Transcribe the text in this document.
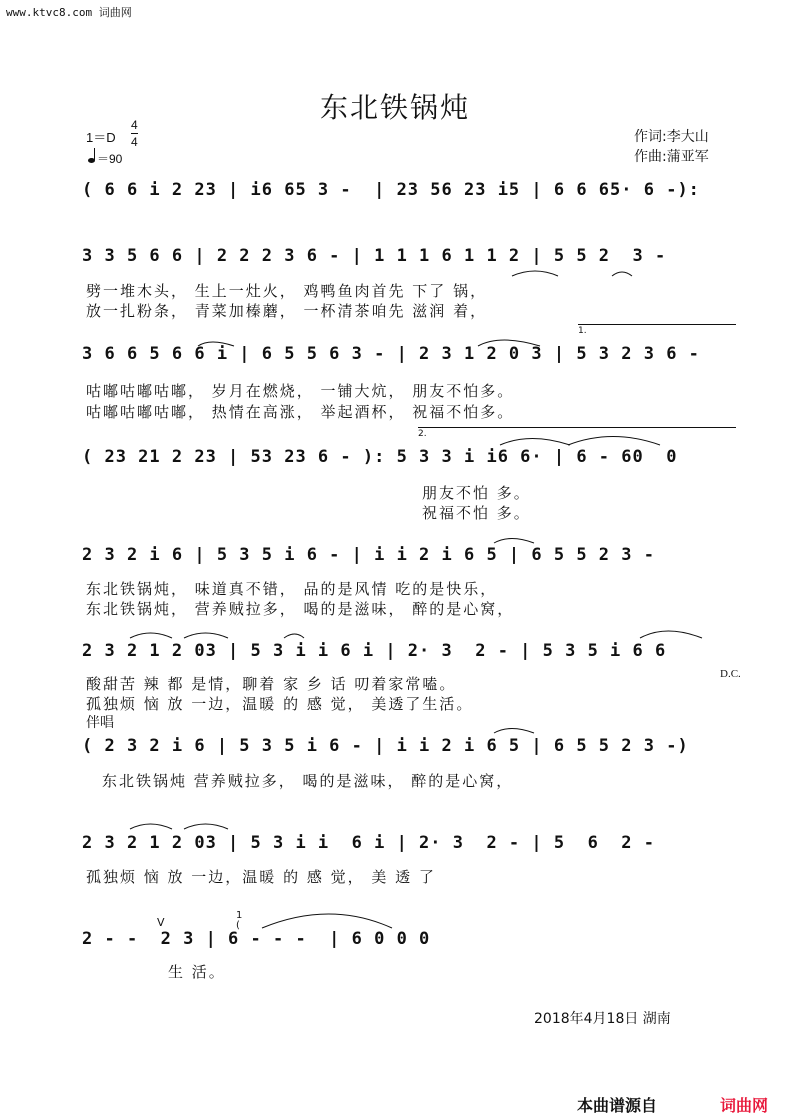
www.ktvc8.com 词曲网
东北铁锅炖
1＝D
4
4
＝90
作词:李大山
作曲:蒲亚军
( 6 6 i 2 23 | i6 65 3 -  | 23 56 23 i5 | 6 6 65· 6 -):
3 3 5 6 6 | 2 2 2 3 6 - | 1 1 1 6 1 1 2 | 5 5 2  3 -
劈一堆木头， 生上一灶火， 鸡鸭鱼肉首先 下了 锅，
放一扎粉条， 青菜加榛蘑， 一杯清茶咱先 滋润 着，
1.
3 6 6 5 6 6 i | 6 5 5 6 3 - | 2 3 1 2 0 3 | 5 3 2 3 6 -
咕嘟咕嘟咕嘟， 岁月在燃烧， 一铺大炕， 朋友不怕多。
咕嘟咕嘟咕嘟， 热情在高涨， 举起酒杯， 祝福不怕多。
2.
( 23 21 2 23 | 53 23 6 - ): 5 3 3 i i6 6· | 6 - 60  0
朋友不怕 多。
祝福不怕 多。
2 3 2 i 6 | 5 3 5 i 6 - | i i 2 i 6 5 | 6 5 5 2 3 -
东北铁锅炖， 味道真不错， 品的是风情 吃的是快乐，
东北铁锅炖， 营养贼拉多， 喝的是滋味， 醉的是心窝，
2 3 2 1 2 03 | 5 3 i i 6 i | 2· 3  2 - | 5 3 5 i 6 6
D.C.
酸甜苦 辣 都 是情，聊着 家 乡 话 叨着家常嗑。
孤独烦 恼 放 一边，温暖 的 感 觉， 美透了生活。
伴唱
( 2 3 2 i 6 | 5 3 5 i 6 - | i i 2 i 6 5 | 6 5 5 2 3 -)
东北铁锅炖 营养贼拉多， 喝的是滋味， 醉的是心窝，
2 3 2 1 2 03 | 5 3 i i  6 i | 2· 3  2 - | 5  6  2 -
孤独烦 恼 放 一边，温暖 的 感 觉， 美 透 了
V
1 (
2 - -  2 3 | 6 - - -  | 6 0 0 0
生 活。
2018年4月18日 湖南
本曲谱源自	词曲网
